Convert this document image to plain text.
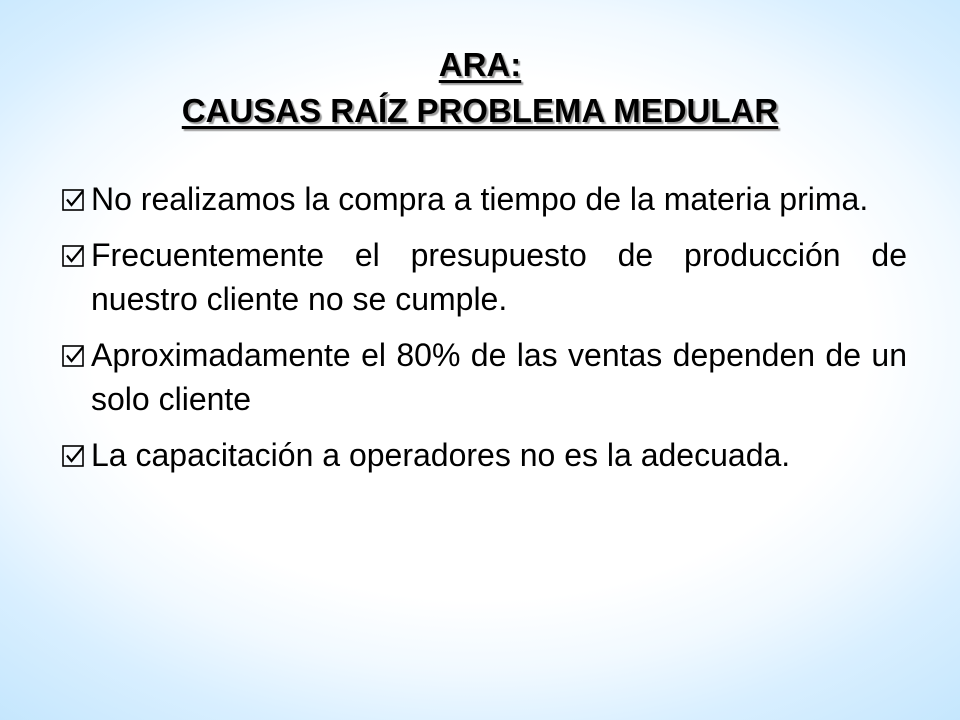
ARA:
CAUSAS RAÍZ PROBLEMA MEDULAR
No realizamos la compra a tiempo de la materia prima.
Frecuentemente el presupuesto de producción de nuestro cliente no se cumple.
Aproximadamente el 80% de las ventas dependen de un solo cliente
La capacitación a operadores no es la adecuada.
